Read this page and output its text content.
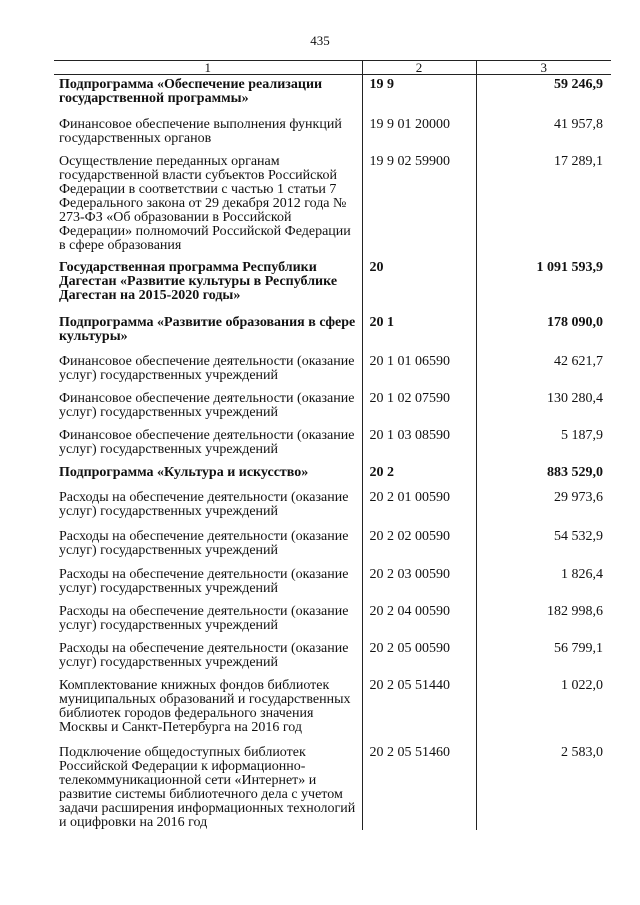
435
1	2	3
Подпрограмма «Обеспечение реализации государственной программы»	19 9	59 246,9
Финансовое обеспечение выполнения функций государственных органов	19 9 01 20000	41 957,8
Осуществление переданных органам государственной власти субъектов Российской Федерации в соответствии с частью 1 статьи 7 Федерального закона от 29 декабря 2012 года № 273-ФЗ «Об образовании в Российской Федерации» полномочий Российской Федерации в сфере образования	19 9 02 59900	17 289,1
Государственная программа Республики Дагестан «Развитие культуры в Республике Дагестан на 2015-2020 годы»	20	1 091 593,9
Подпрограмма «Развитие образования в сфере культуры»	20 1	178 090,0
Финансовое обеспечение деятельности (оказание услуг) государственных учреждений	20 1 01 06590	42 621,7
Финансовое обеспечение деятельности (оказание услуг) государственных учреждений	20 1 02 07590	130 280,4
Финансовое обеспечение деятельности (оказание услуг) государственных учреждений	20 1 03 08590	5 187,9
Подпрограмма «Культура и искусство»	20 2	883 529,0
Расходы на обеспечение деятельности (оказание услуг) государственных учреждений	20 2 01 00590	29 973,6
Расходы на обеспечение деятельности (оказание услуг) государственных учреждений	20 2 02 00590	54 532,9
Расходы на обеспечение деятельности (оказание услуг) государственных учреждений	20 2 03 00590	1 826,4
Расходы на обеспечение деятельности (оказание услуг) государственных учреждений	20 2 04 00590	182 998,6
Расходы на обеспечение деятельности (оказание услуг) государственных учреждений	20 2 05 00590	56 799,1
Комплектование книжных фондов библиотек муниципальных образований и государственных библиотек городов федерального значения Москвы и Санкт-Петербурга на 2016 год	20 2 05 51440	1 022,0
Подключение общедоступных библиотек Российской Федерации к иформационно-телекоммуникационной сети «Интернет» и развитие системы библиотечного дела с учетом задачи расширения информационных технологий и оцифровки на 2016 год	20 2 05 51460	2 583,0
